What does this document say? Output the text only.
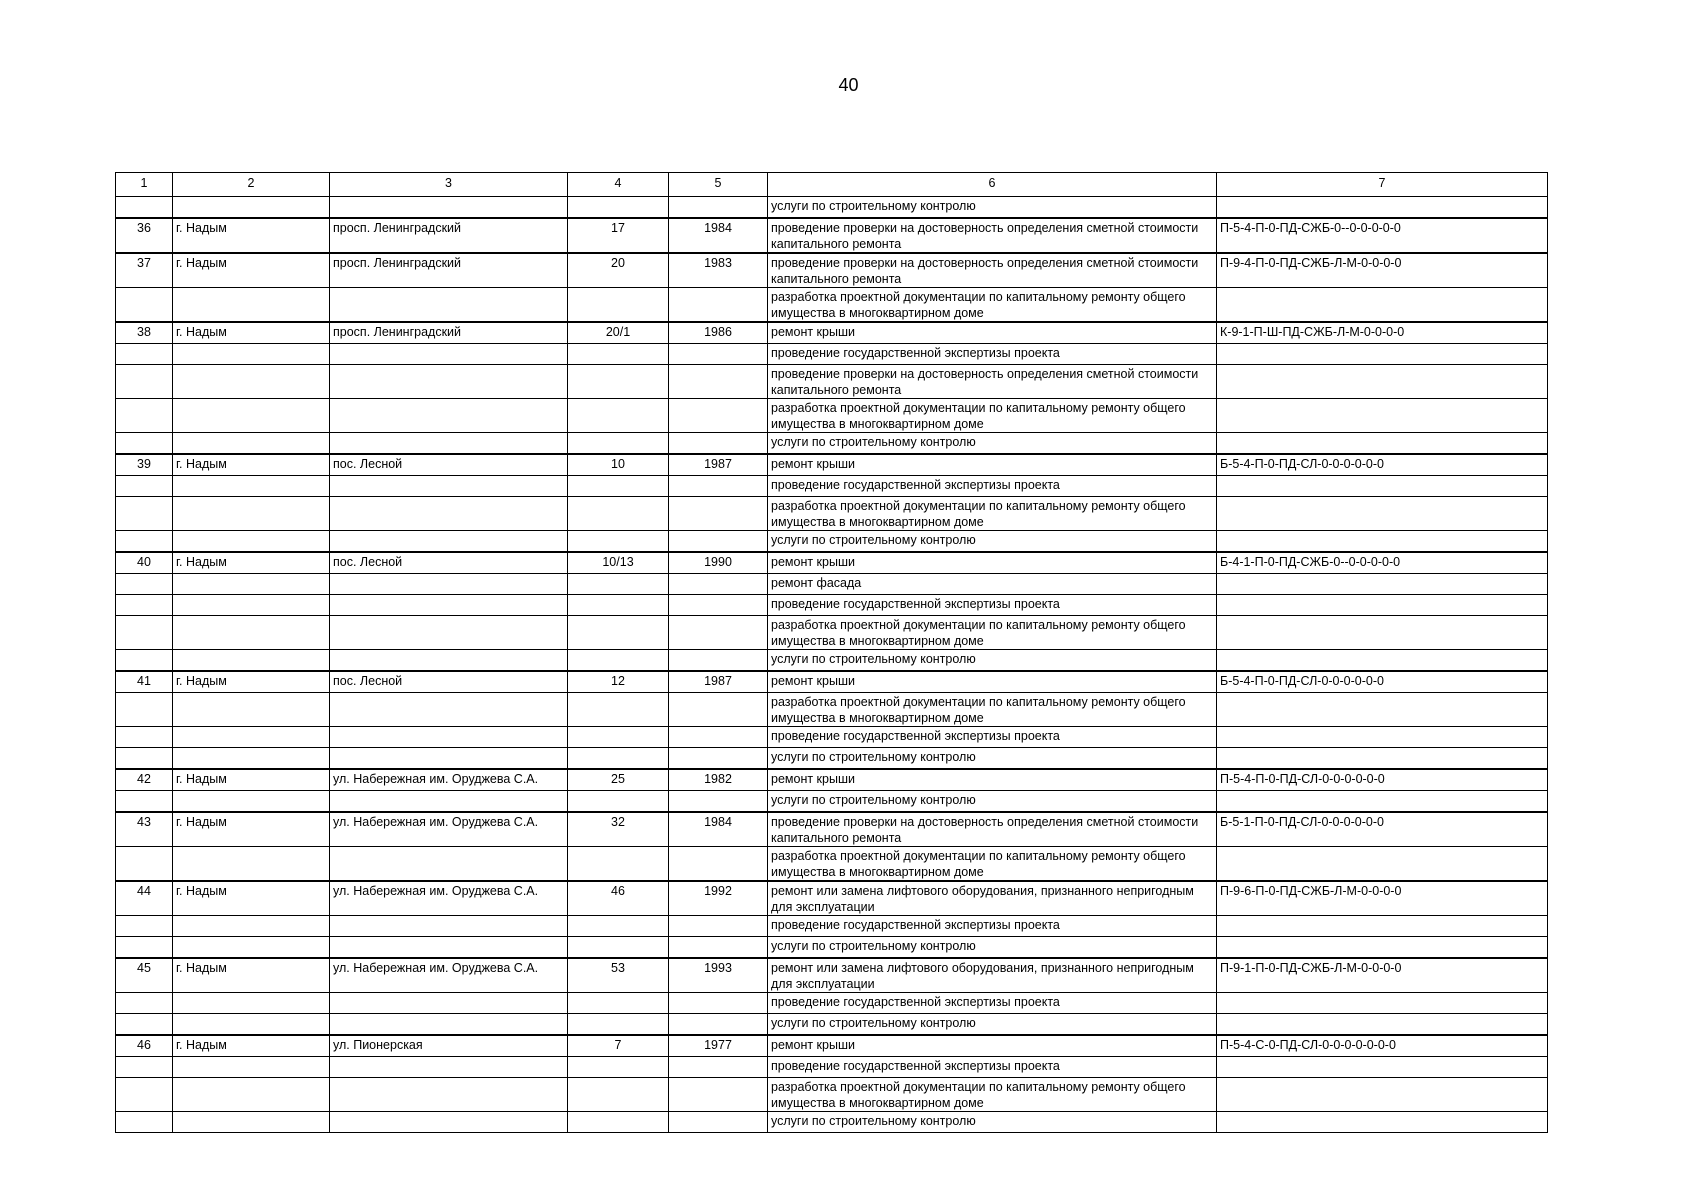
40
1	2	3	4	5	6	7
					услуги по строительному контролю	
36	г. Надым	просп. Ленинградский	17	1984	проведение проверки на достоверность определения сметной стоимости капитального ремонта	П-5-4-П-0-ПД-СЖБ-0--0-0-0-0-0
37	г. Надым	просп. Ленинградский	20	1983	проведение проверки на достоверность определения сметной стоимости капитального ремонта	П-9-4-П-0-ПД-СЖБ-Л-М-0-0-0-0
					разработка проектной документации по капитальному ремонту общего имущества в многоквартирном доме	
38	г. Надым	просп. Ленинградский	20/1	1986	ремонт крыши	К-9-1-П-Ш-ПД-СЖБ-Л-М-0-0-0-0
					проведение государственной экспертизы проекта	
					проведение проверки на достоверность определения сметной стоимости капитального ремонта	
					разработка проектной документации по капитальному ремонту общего имущества в многоквартирном доме	
					услуги по строительному контролю	
39	г. Надым	пос. Лесной	10	1987	ремонт крыши	Б-5-4-П-0-ПД-СЛ-0-0-0-0-0-0
					проведение государственной экспертизы проекта	
					разработка проектной документации по капитальному ремонту общего имущества в многоквартирном доме	
					услуги по строительному контролю	
40	г. Надым	пос. Лесной	10/13	1990	ремонт крыши	Б-4-1-П-0-ПД-СЖБ-0--0-0-0-0-0
					ремонт фасада	
					проведение государственной экспертизы проекта	
					разработка проектной документации по капитальному ремонту общего имущества в многоквартирном доме	
					услуги по строительному контролю	
41	г. Надым	пос. Лесной	12	1987	ремонт крыши	Б-5-4-П-0-ПД-СЛ-0-0-0-0-0-0
					разработка проектной документации по капитальному ремонту общего имущества в многоквартирном доме	
					проведение государственной экспертизы проекта	
					услуги по строительному контролю	
42	г. Надым	ул. Набережная им. Оруджева С.А.	25	1982	ремонт крыши	П-5-4-П-0-ПД-СЛ-0-0-0-0-0-0
					услуги по строительному контролю	
43	г. Надым	ул. Набережная им. Оруджева С.А.	32	1984	проведение проверки на достоверность определения сметной стоимости капитального ремонта	Б-5-1-П-0-ПД-СЛ-0-0-0-0-0-0
					разработка проектной документации по капитальному ремонту общего имущества в многоквартирном доме	
44	г. Надым	ул. Набережная им. Оруджева С.А.	46	1992	ремонт или замена лифтового оборудования, признанного непригодным для эксплуатации	П-9-6-П-0-ПД-СЖБ-Л-М-0-0-0-0
					проведение государственной экспертизы проекта	
					услуги по строительному контролю	
45	г. Надым	ул. Набережная им. Оруджева С.А.	53	1993	ремонт или замена лифтового оборудования, признанного непригодным для эксплуатации	П-9-1-П-0-ПД-СЖБ-Л-М-0-0-0-0
					проведение государственной экспертизы проекта	
					услуги по строительному контролю	
46	г. Надым	ул. Пионерская	7	1977	ремонт крыши	П-5-4-С-0-ПД-СЛ-0-0-0-0-0-0-0
					проведение государственной экспертизы проекта	
					разработка проектной документации по капитальному ремонту общего имущества в многоквартирном доме	
					услуги по строительному контролю	
